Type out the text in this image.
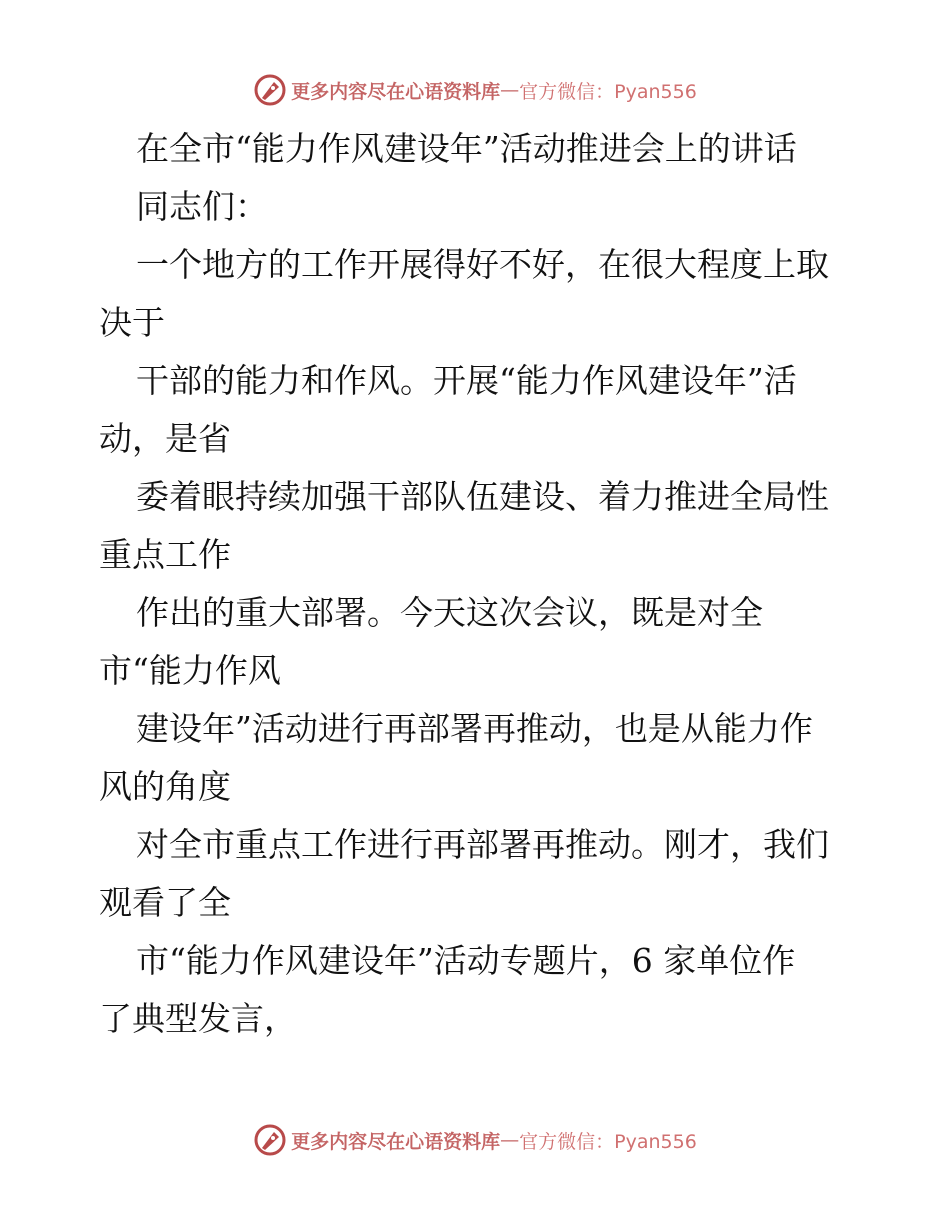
更多内容尽在心语资料库 — 官方微信：Pyan556
在全市“能力作风建设年”活动推进会上的讲话
同志们：
一个地方的工作开展得好不好，在很大程度上取
决于
干部的能力和作风。开展“能力作风建设年”活
动，是省
委着眼持续加强干部队伍建设、着力推进全局性
重点工作
作出的重大部署。今天这次会议，既是对全
市“能力作风
建设年”活动进行再部署再推动，也是从能力作
风的角度
对全市重点工作进行再部署再推动。刚才，我们
观看了全
市“能力作风建设年”活动专题片，6 家单位作
了典型发言，
更多内容尽在心语资料库 — 官方微信：Pyan556
